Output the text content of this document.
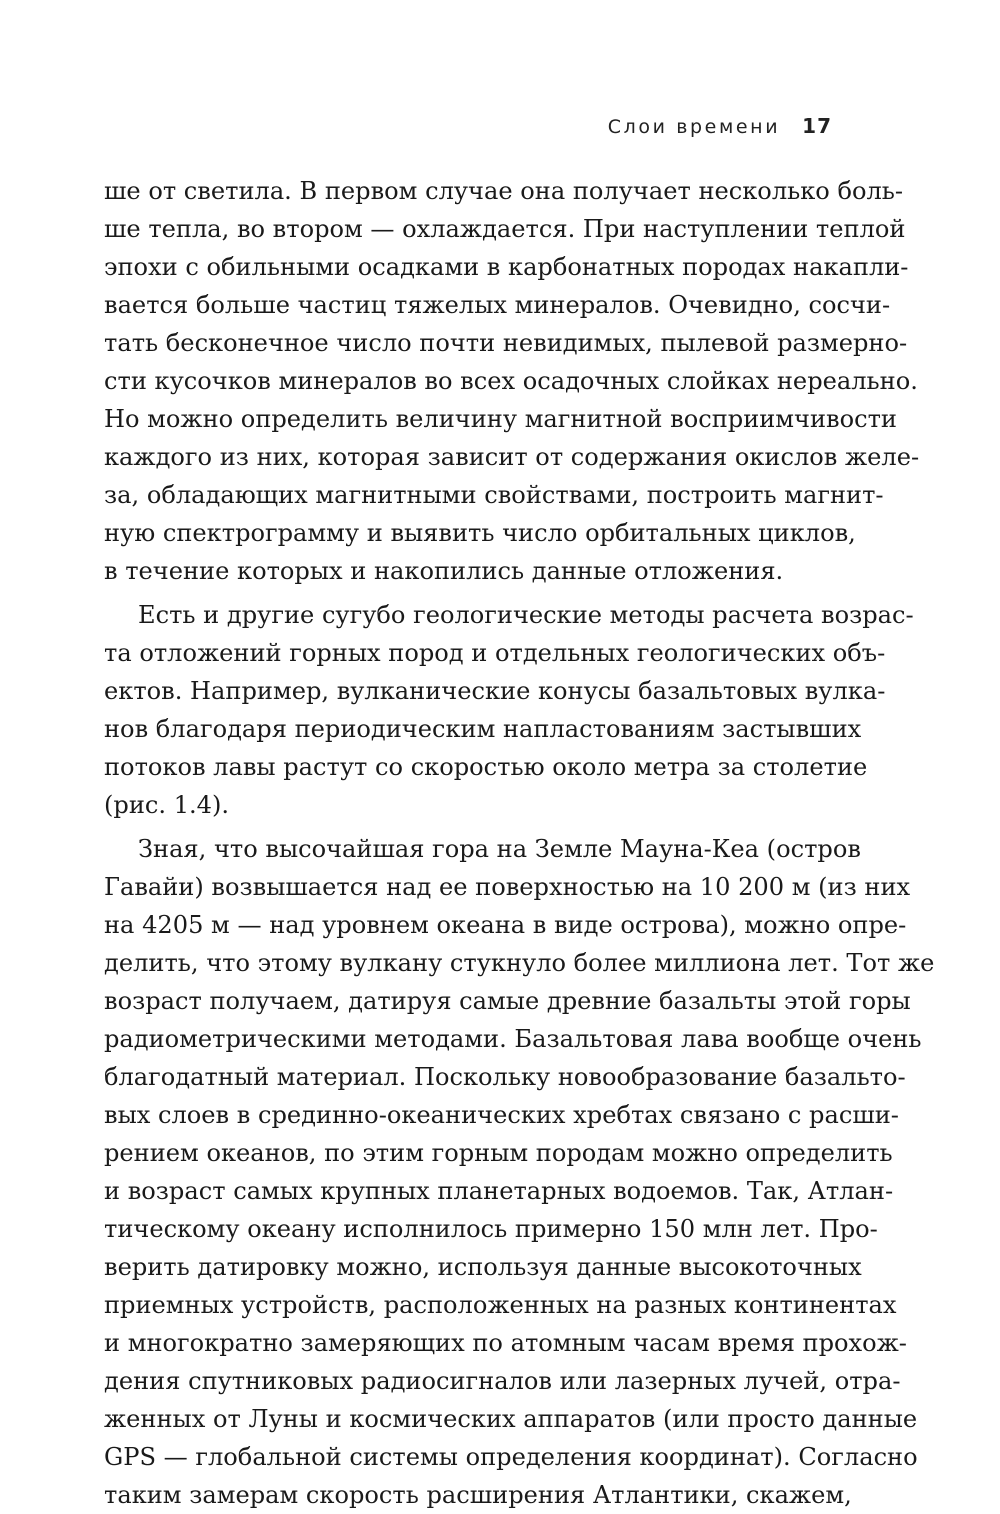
Слои времени 17
ше от светила. В первом случае она получает несколько боль-
ше тепла, во втором — охлаждается. При наступлении теплой
эпохи с обильными осадками в карбонатных породах накапли-
вается больше частиц тяжелых минералов. Очевидно, сосчи-
тать бесконечное число почти невидимых, пылевой размерно-
сти кусочков минералов во всех осадочных слойках нереально.
Но можно определить величину магнитной восприимчивости
каждого из них, которая зависит от содержания окислов желе-
за, обладающих магнитными свойствами, построить магнит-
ную спектрограмму и выявить число орбитальных циклов,
в течение которых и накопились данные отложения.
Есть и другие сугубо геологические методы расчета возрас-
та отложений горных пород и отдельных геологических объ-
ектов. Например, вулканические конусы базальтовых вулка-
нов благодаря периодическим напластованиям застывших
потоков лавы растут со скоростью около метра за столетие
(рис. 1.4).
Зная, что высочайшая гора на Земле Мауна-Кеа (остров
Гавайи) возвышается над ее поверхностью на 10 200 м (из них
на 4205 м — над уровнем океана в виде острова), можно опре-
делить, что этому вулкану стукнуло более миллиона лет. Тот же
возраст получаем, датируя самые древние базальты этой горы
радиометрическими методами. Базальтовая лава вообще очень
благодатный материал. Поскольку новообразование базальто-
вых слоев в срединно-океанических хребтах связано с расши-
рением океанов, по этим горным породам можно определить
и возраст самых крупных планетарных водоемов. Так, Атлан-
тическому океану исполнилось примерно 150 млн лет. Про-
верить датировку можно, используя данные высокоточных
приемных устройств, расположенных на разных континентах
и многократно замеряющих по атомным часам время прохож-
дения спутниковых радиосигналов или лазерных лучей, отра-
женных от Луны и космических аппаратов (или просто данные
GPS — глобальной системы определения координат). Согласно
таким замерам скорость расширения Атлантики, скажем,
